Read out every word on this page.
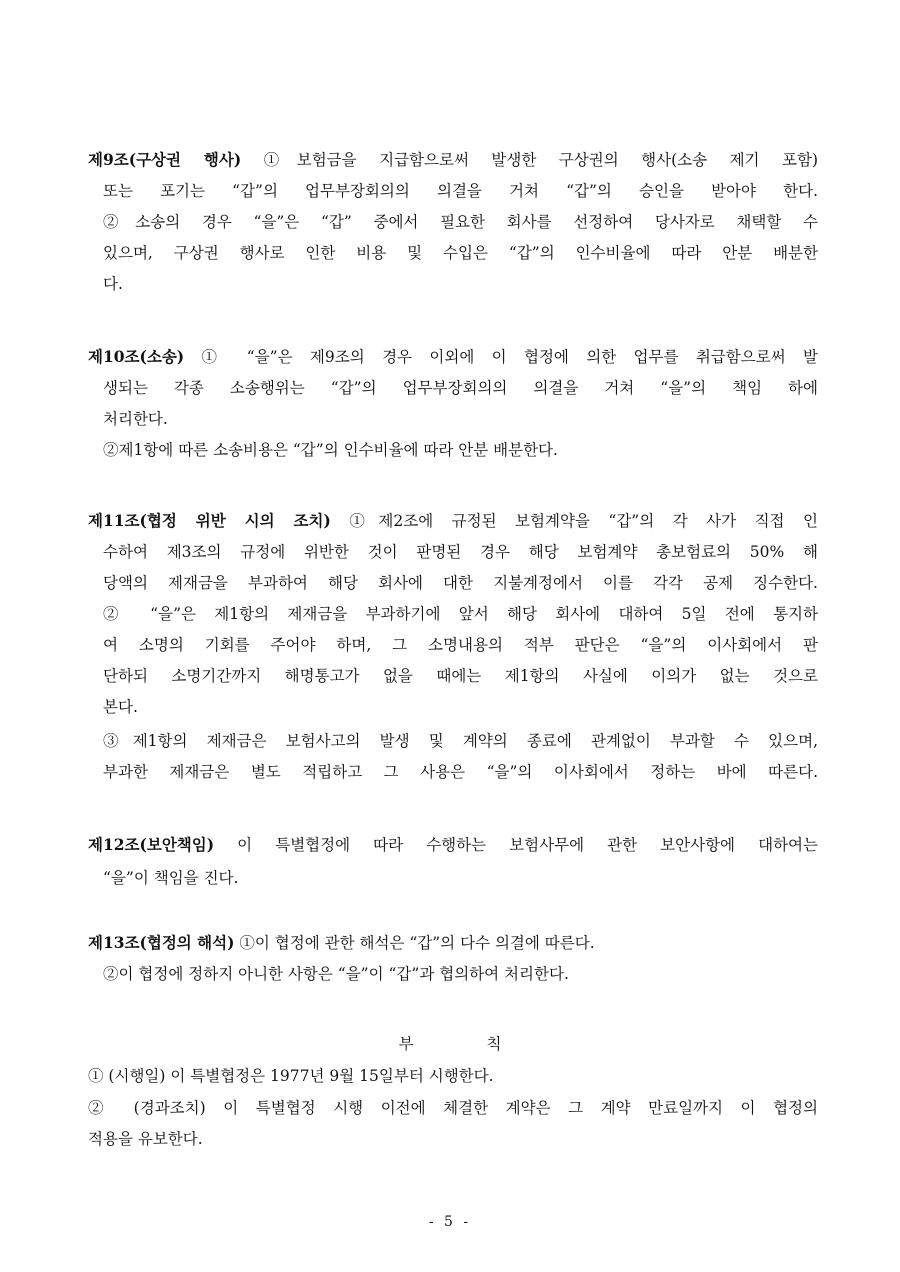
제9조(구상권 행사) ①보험금을 지급함으로써 발생한 구상권의 행사(소송 제기 포함)
또는 포기는 “갑”의 업무부장회의의 의결을 거쳐 “갑”의 승인을 받아야 한다.
②소송의 경우 “을”은 “갑” 중에서 필요한 회사를 선정하여 당사자로 채택할 수
있으며, 구상권 행사로 인한 비용 및 수입은 “갑”의 인수비율에 따라 안분 배분한
다.
제10조(소송) ① “을”은 제9조의 경우 이외에 이 협정에 의한 업무를 취급함으로써 발
생되는 각종 소송행위는 “갑”의 업무부장회의의 의결을 거쳐 “을”의 책임 하에
처리한다.
②제1항에 따른 소송비용은 “갑”의 인수비율에 따라 안분 배분한다.
제11조(협정 위반 시의 조치) ①제2조에 규정된 보험계약을 “갑”의 각 사가 직접 인
수하여 제3조의 규정에 위반한 것이 판명된 경우 해당 보험계약 총보험료의 50% 해
당액의 제재금을 부과하여 해당 회사에 대한 지불계정에서 이를 각각 공제 징수한다.
② “을”은 제1항의 제재금을 부과하기에 앞서 해당 회사에 대하여 5일 전에 통지하
여 소명의 기회를 주어야 하며, 그 소명내용의 적부 판단은 “을”의 이사회에서 판
단하되 소명기간까지 해명통고가 없을 때에는 제1항의 사실에 이의가 없는 것으로
본다.
③제1항의 제재금은 보험사고의 발생 및 계약의 종료에 관계없이 부과할 수 있으며,
부과한 제재금은 별도 적립하고 그 사용은 “을”의 이사회에서 정하는 바에 따른다.
제12조(보안책임) 이 특별협정에 따라 수행하는 보험사무에 관한 보안사항에 대하여는
“을”이 책임을 진다.
제13조(협정의 해석) ①이 협정에 관한 해석은 “갑”의 다수 의결에 따른다.
②이 협정에 정하지 아니한 사항은 “을”이 “갑”과 협의하여 처리한다.
부 칙
① (시행일) 이 특별협정은 1977년 9월 15일부터 시행한다.
② (경과조치) 이 특별협정 시행 이전에 체결한 계약은 그 계약 만료일까지 이 협정의
적용을 유보한다.
- 5 -
